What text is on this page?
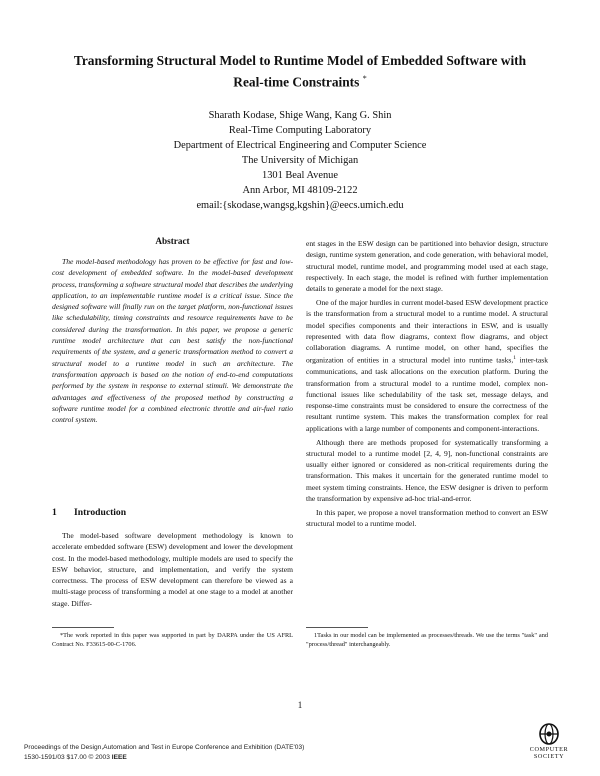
Transforming Structural Model to Runtime Model of Embedded Software with
Real-time Constraints *
Sharath Kodase, Shige Wang, Kang G. Shin
Real-Time Computing Laboratory
Department of Electrical Engineering and Computer Science
The University of Michigan
1301 Beal Avenue
Ann Arbor, MI 48109-2122
email:{skodase,wangsg,kgshin}@eecs.umich.edu
Abstract

The model-based methodology has proven to be effective for fast and low-cost development of embedded software. In the model-based development process, transforming a software structural model that describes the underlying application, to an implementable runtime model is a critical issue. Since the designed software will finally run on the target platform, non-functional issues like schedulability, timing constraints and resource requirements have to be considered during the transformation. In this paper, we propose a generic runtime model architecture that can best satisfy the non-functional requirements of the system, and a generic transformation method to convert a structural model to a runtime model in such an architecture. The transformation approach is based on the notion of end-to-end computations performed by the system in response to external stimuli. We demonstrate the advantages and effectiveness of the proposed method by constructing a software runtime model for a combined electronic throttle and air-fuel ratio control system.

1 Introduction

The model-based software development methodology is known to accelerate embedded software (ESW) development and lower the development cost. In the model-based methodology, multiple models are used to specify the ESW behavior, structure, and implementation, and verify the system correctness. The process of ESW development can therefore be viewed as a multi-stage process of transforming a model at one stage to a model at another stage. Differ-

ent stages in the ESW design can be partitioned into behavior design, structure design, runtime system generation, and code generation, with behavioral model, structural model, runtime model, and programming model used at each stage, respectively. In each stage, the model is refined with further implementation details to generate a model for the next stage.

One of the major hurdles in current model-based ESW development practice is the transformation from a structural model to a runtime model. A structural model specifies components and their interactions in ESW, and is usually represented with data flow diagrams, context flow diagrams, and object collaboration diagrams. A runtime model, on other hand, specifies the organization of entities in a structural model into runtime tasks,$^1$ inter-task communications, and task allocations on the execution platform. During the transformation from a structural model to a runtime model, complex non-functional issues like schedulability of the task set, message delays, and response-time constraints must be considered to ensure the correctness of the resultant runtime system. This makes the transformation complex for real applications with a large number of components and component-interactions.

Although there are methods proposed for systematically transforming a structural model to a runtime model [2, 4, 9], non-functional constraints are usually either ignored or considered as non-critical requirements during the transformation. This makes it uncertain for the generated runtime model to meet system timing constraints. Hence, the ESW designer is driven to perform the transformation by expensive ad-hoc trial-and-error.

In this paper, we propose a novel transformation method to convert an ESW structural model to a runtime model.

*The work reported in this paper was supported in part by DARPA under the US AFRL Contract No. F33615-00-C-1706.

1Tasks in our model can be implemented as processes/threads. We use the terms "task" and "process/thread" interchangeably.

1
Proceedings of the Design,Automation and Test in Europe Conference and Exhibition (DATE'03)
1530-1591/03 $17.00 © 2003 IEEE
COMPUTER
SOCIETY
